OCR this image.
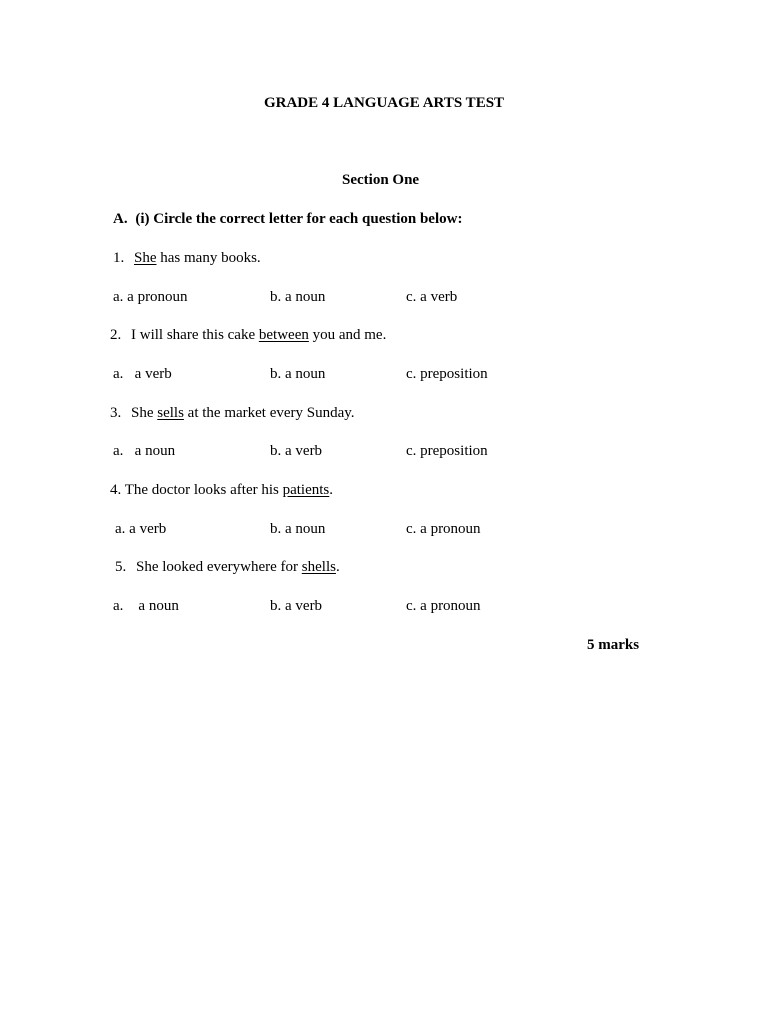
GRADE 4 LANGUAGE ARTS TEST
Section One
A. (i) Circle the correct letter for each question below:
1. She has many books.
a. a pronoun	b. a noun	c. a verb
2. I will share this cake between you and me.
a.   a verb	b. a noun	c. preposition
3. She sells at the market every Sunday.
a.   a noun	b. a verb	c. preposition
4. The doctor looks after his patients.
a. a verb	b. a noun	c. a pronoun
5. She looked everywhere for shells.
a.    a noun	b. a verb	c. a pronoun
5 marks
